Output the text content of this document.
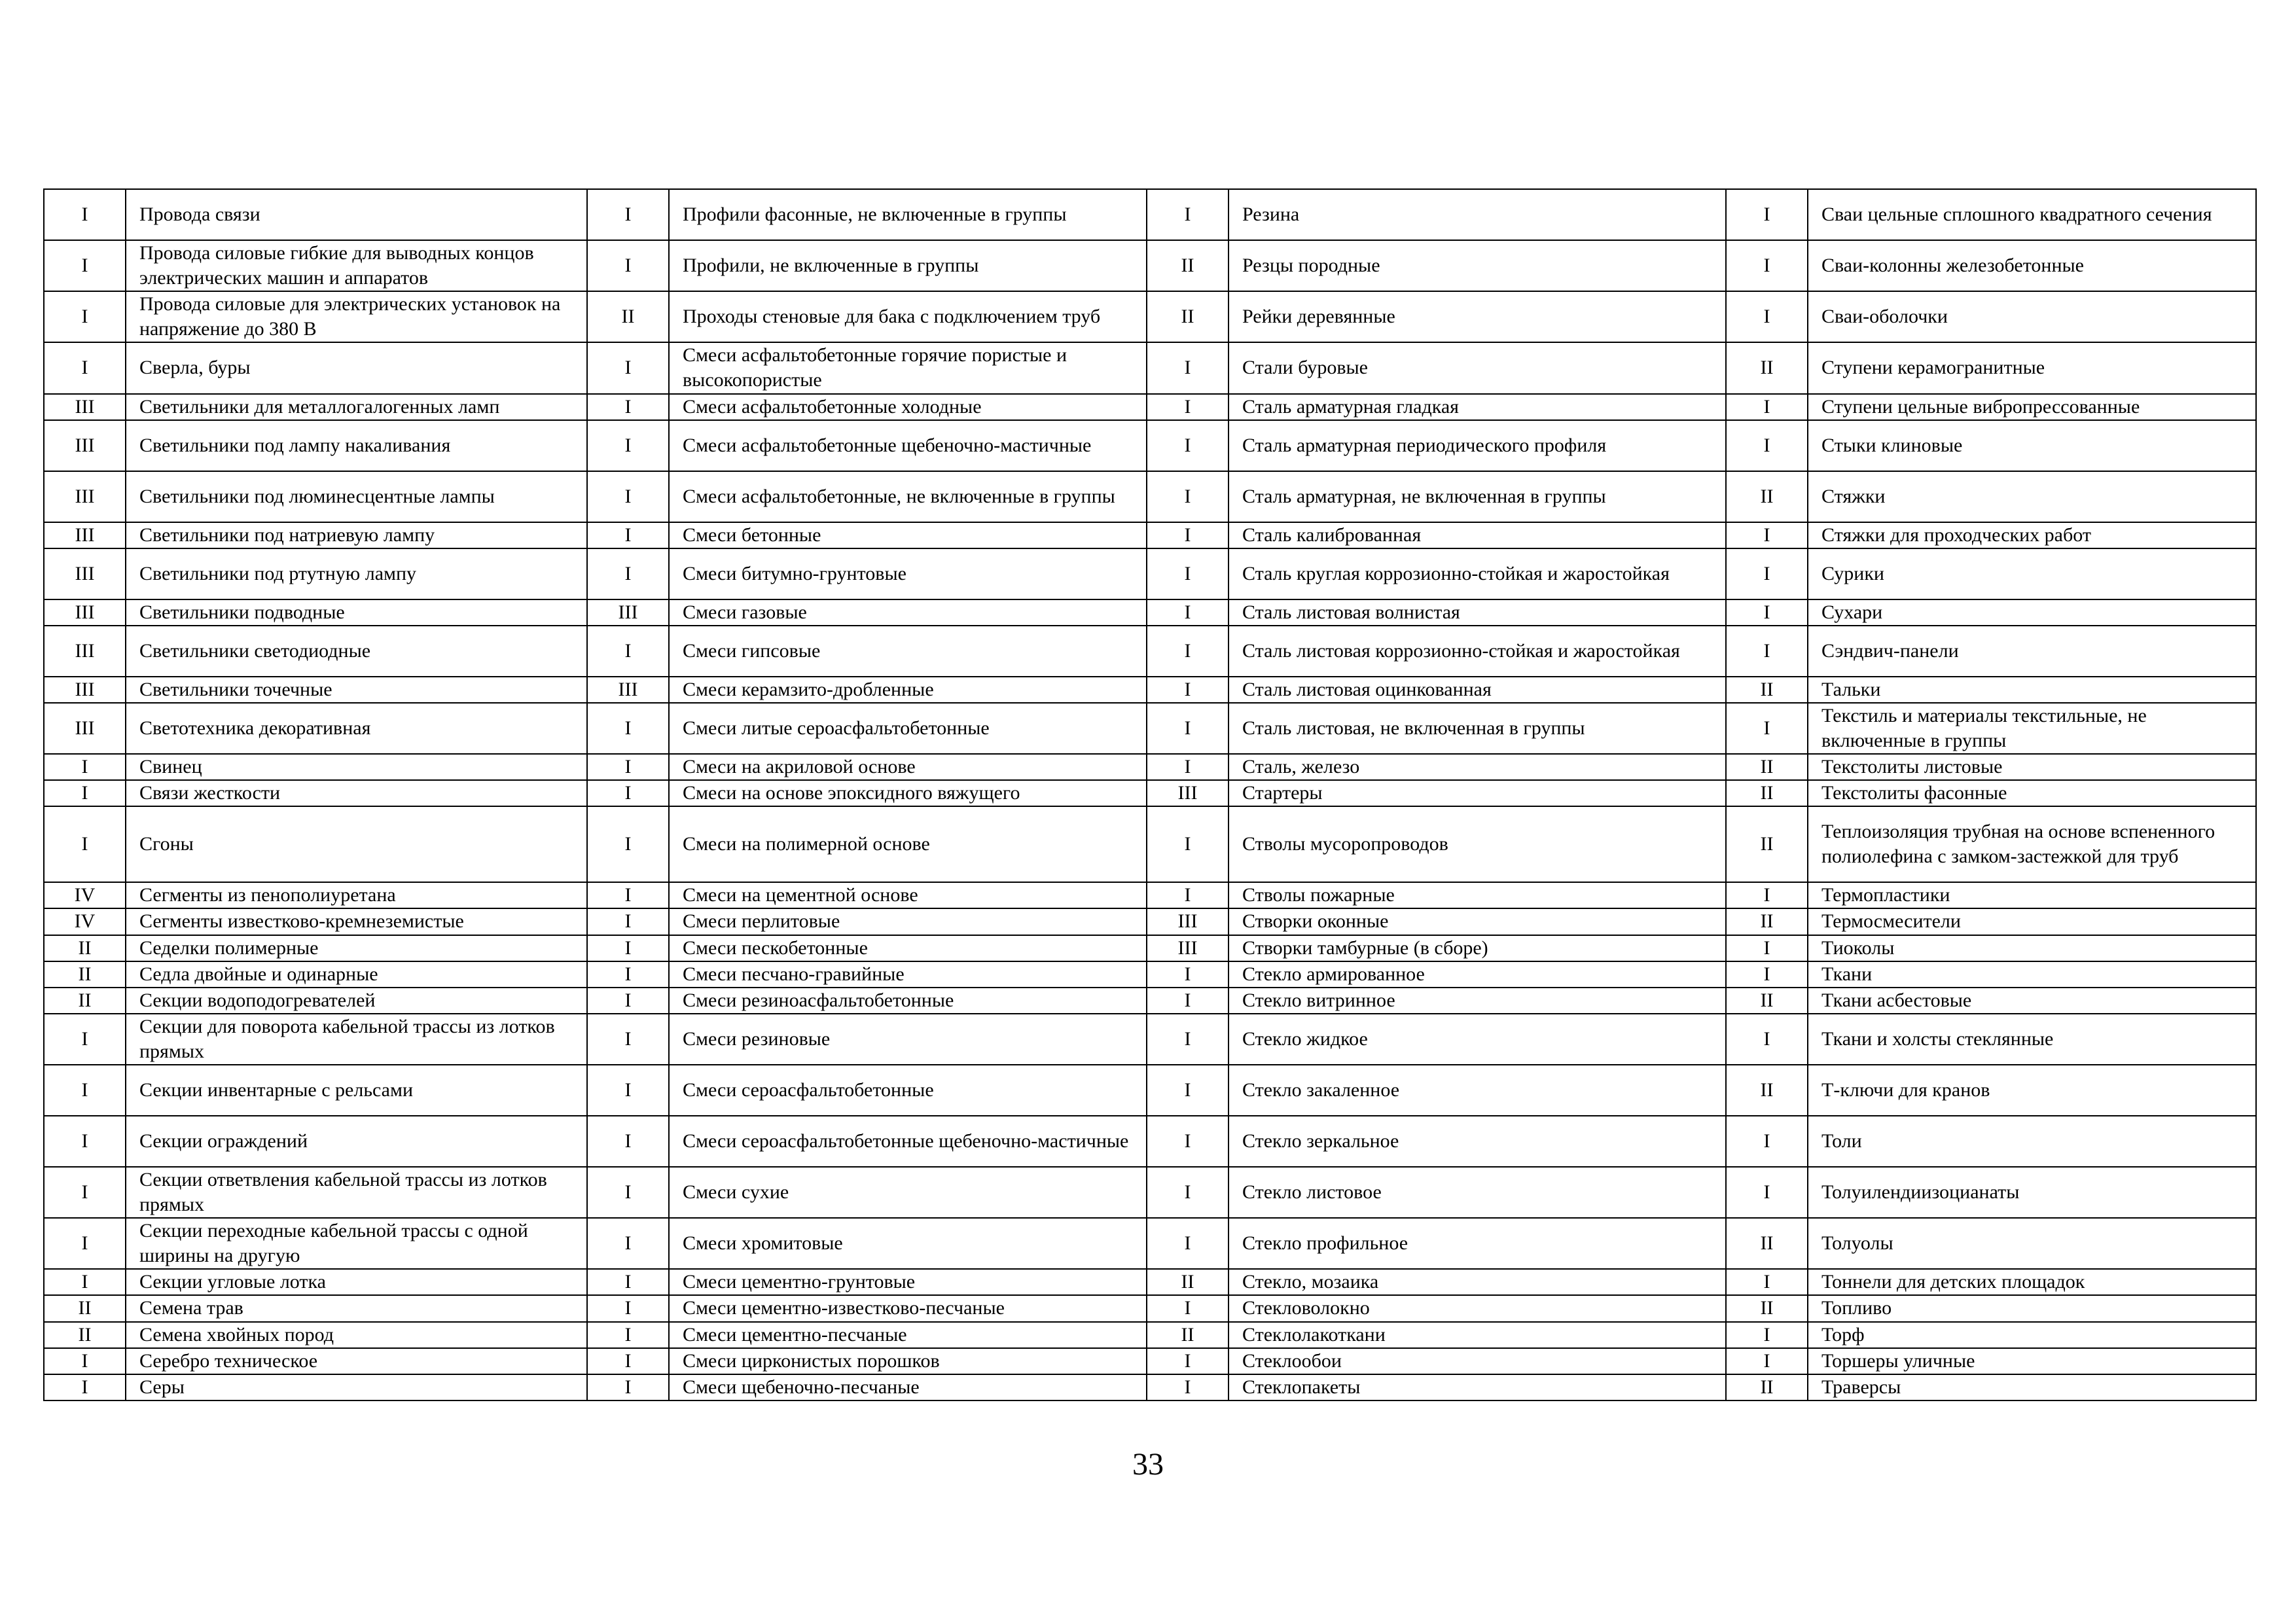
I	Провода связи	I	Профили фасонные, не включенные в группы	I	Резина	I	Сваи цельные сплошного квадратного сечения
I	Провода силовые гибкие для выводных концов электрических машин и аппаратов	I	Профили, не включенные в группы	II	Резцы породные	I	Сваи-колонны железобетонные
I	Провода силовые для электрических установок на напряжение до 380 В	II	Проходы стеновые для бака с подключением труб	II	Рейки деревянные	I	Сваи-оболочки
I	Сверла, буры	I	Смеси асфальтобетонные горячие пористые и высокопористые	I	Стали буровые	II	Ступени керамогранитные
III	Светильники для металлогалогенных ламп	I	Смеси асфальтобетонные холодные	I	Сталь арматурная гладкая	I	Ступени цельные вибропрессованные
III	Светильники под лампу накаливания	I	Смеси асфальтобетонные щебеночно-мастичные	I	Сталь арматурная периодического профиля	I	Стыки клиновые
III	Светильники под люминесцентные лампы	I	Смеси асфальтобетонные, не включенные в группы	I	Сталь арматурная, не включенная в группы	II	Стяжки
III	Светильники под натриевую лампу	I	Смеси бетонные	I	Сталь калиброванная	I	Стяжки для проходческих работ
III	Светильники под ртутную лампу	I	Смеси битумно-грунтовые	I	Сталь круглая коррозионно-стойкая и жаростойкая	I	Сурики
III	Светильники подводные	III	Смеси газовые	I	Сталь листовая волнистая	I	Сухари
III	Светильники светодиодные	I	Смеси гипсовые	I	Сталь листовая коррозионно-стойкая и жаростойкая	I	Сэндвич-панели
III	Светильники точечные	III	Смеси керамзито-дробленные	I	Сталь листовая оцинкованная	II	Тальки
III	Светотехника декоративная	I	Смеси литые сероасфальтобетонные	I	Сталь листовая, не включенная в группы	I	Текстиль и материалы текстильные, не включенные в группы
I	Свинец	I	Смеси на акриловой основе	I	Сталь, железо	II	Текстолиты листовые
I	Связи жесткости	I	Смеси на основе эпоксидного вяжущего	III	Стартеры	II	Текстолиты фасонные
I	Сгоны	I	Смеси на полимерной основе	I	Стволы мусоропроводов	II	Теплоизоляция трубная на основе вспененного полиолефина с замком-застежкой для труб
IV	Сегменты из пенополиуретана	I	Смеси на цементной основе	I	Стволы пожарные	I	Термопластики
IV	Сегменты известково-кремнеземистые	I	Смеси перлитовые	III	Створки оконные	II	Термосмесители
II	Седелки полимерные	I	Смеси пескобетонные	III	Створки тамбурные (в сборе)	I	Тиоколы
II	Седла двойные и одинарные	I	Смеси песчано-гравийные	I	Стекло армированное	I	Ткани
II	Секции водоподогревателей	I	Смеси резиноасфальтобетонные	I	Стекло витринное	II	Ткани асбестовые
I	Секции для поворота кабельной трассы из лотков прямых	I	Смеси резиновые	I	Стекло жидкое	I	Ткани и холсты стеклянные
I	Секции инвентарные с рельсами	I	Смеси сероасфальтобетонные	I	Стекло закаленное	II	Т-ключи для кранов
I	Секции ограждений	I	Смеси сероасфальтобетонные щебеночно-мастичные	I	Стекло зеркальное	I	Толи
I	Секции ответвления кабельной трассы из лотков прямых	I	Смеси сухие	I	Стекло листовое	I	Толуилендиизоцианаты
I	Секции переходные кабельной трассы с одной ширины на другую	I	Смеси хромитовые	I	Стекло профильное	II	Толуолы
I	Секции угловые лотка	I	Смеси цементно-грунтовые	II	Стекло, мозаика	I	Тоннели для детских площадок
II	Семена трав	I	Смеси цементно-известково-песчаные	I	Стекловолокно	II	Топливо
II	Семена хвойных пород	I	Смеси цементно-песчаные	II	Стеклолакоткани	I	Торф
I	Серебро техническое	I	Смеси цирконистых порошков	I	Стеклообои	I	Торшеры уличные
I	Серы	I	Смеси щебеночно-песчаные	I	Стеклопакеты	II	Траверсы
33
